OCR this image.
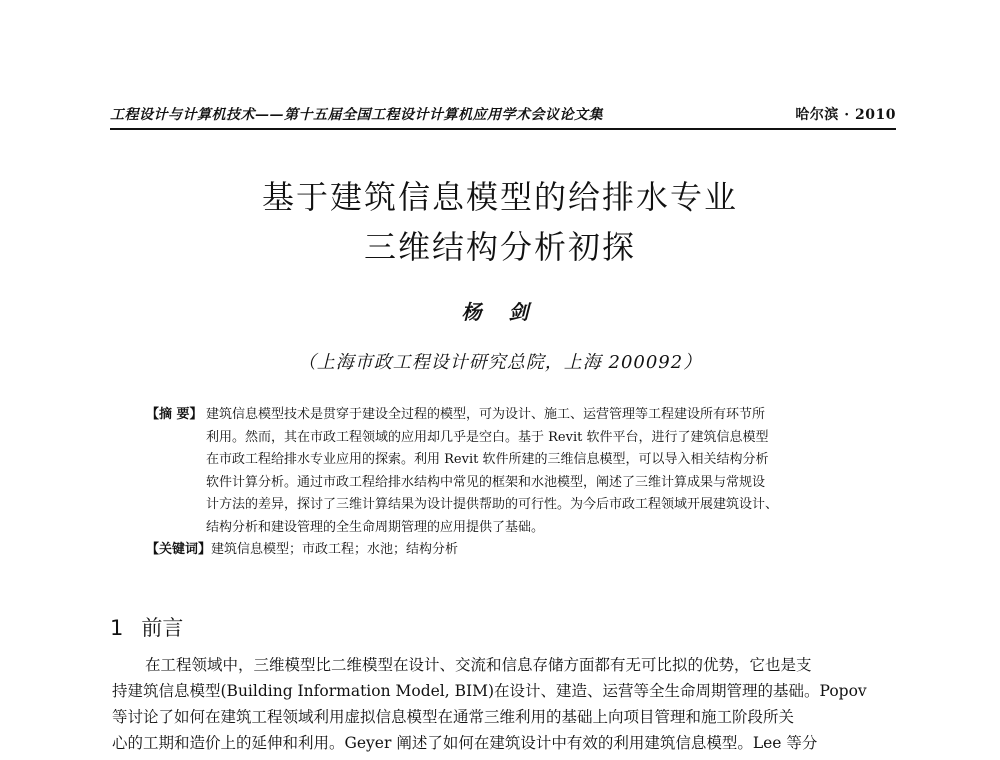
工程设计与计算机技术——第十五届全国工程设计计算机应用学术会议论文集	哈尔滨 · 2010
基于建筑信息模型的给排水专业
三维结构分析初探
杨 剑
（上海市政工程设计研究总院，上海 200092）
【摘 要】 建筑信息模型技术是贯穿于建设全过程的模型，可为设计、施工、运营管理等工程建设所有环节所
利用。然而，其在市政工程领域的应用却几乎是空白。基于 Revit 软件平台，进行了建筑信息模型
在市政工程给排水专业应用的探索。利用 Revit 软件所建的三维信息模型，可以导入相关结构分析
软件计算分析。通过市政工程给排水结构中常见的框架和水池模型，阐述了三维计算成果与常规设
计方法的差异，探讨了三维计算结果为设计提供帮助的可行性。为今后市政工程领域开展建筑设计、
结构分析和建设管理的全生命周期管理的应用提供了基础。
【关键词】建筑信息模型；市政工程；水池；结构分析
1 前言
在工程领域中，三维模型比二维模型在设计、交流和信息存储方面都有无可比拟的优势，它也是支
持建筑信息模型(Building Information Model, BIM)在设计、建造、运营等全生命周期管理的基础。Popov
等讨论了如何在建筑工程领域利用虚拟信息模型在通常三维利用的基础上向项目管理和施工阶段所关
心的工期和造价上的延伸和利用。Geyer 阐述了如何在建筑设计中有效的利用建筑信息模型。Lee 等分
